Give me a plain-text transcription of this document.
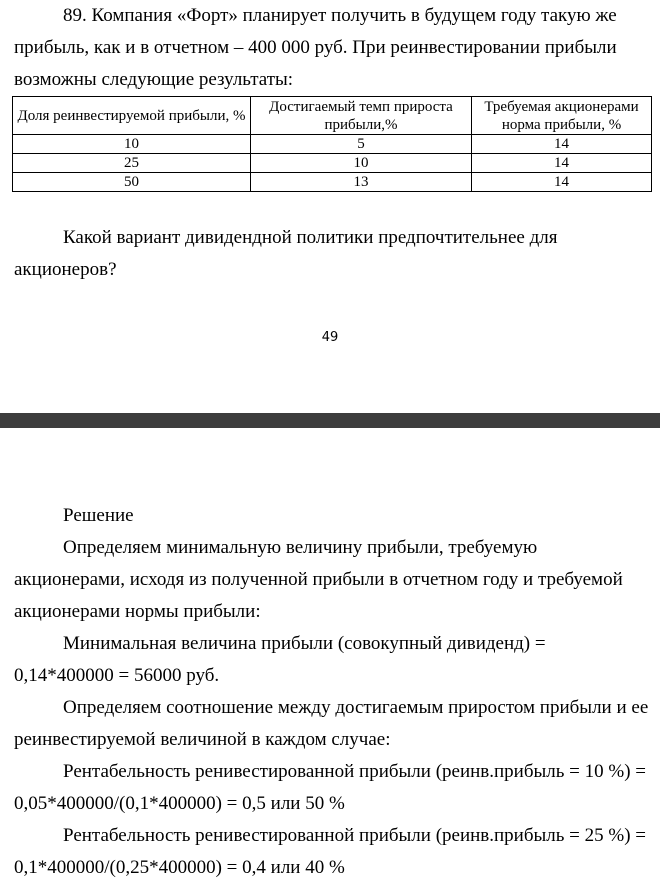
89. Компания «Форт» планирует получить в будущем году такую же прибыль, как и в отчетном – 400 000 руб. При реинвестировании прибыли возможны следующие результаты:

Доля реинвестируемой прибыли, %	Достигаемый темп прироста прибыли,%	Требуемая акционерами норма прибыли, %
10	5	14
25	10	14
50	13	14

Какой вариант дивидендной политики предпочтительнее для акционеров?

49

Решение

Определяем минимальную величину прибыли, требуемую акционерами, исходя из полученной прибыли в отчетном году и требуемой акционерами нормы прибыли:

Минимальная величина прибыли (совокупный дивиденд) = 0,14*400000 = 56000 руб.

Определяем соотношение между достигаемым приростом прибыли и ее реинвестируемой величиной в каждом случае:

Рентабельность ренивестированной прибыли (реинв.прибыль = 10 %) = 0,05*400000/(0,1*400000) = 0,5 или 50 %

Рентабельность ренивестированной прибыли (реинв.прибыль = 25 %) = 0,1*400000/(0,25*400000) = 0,4 или 40 %
